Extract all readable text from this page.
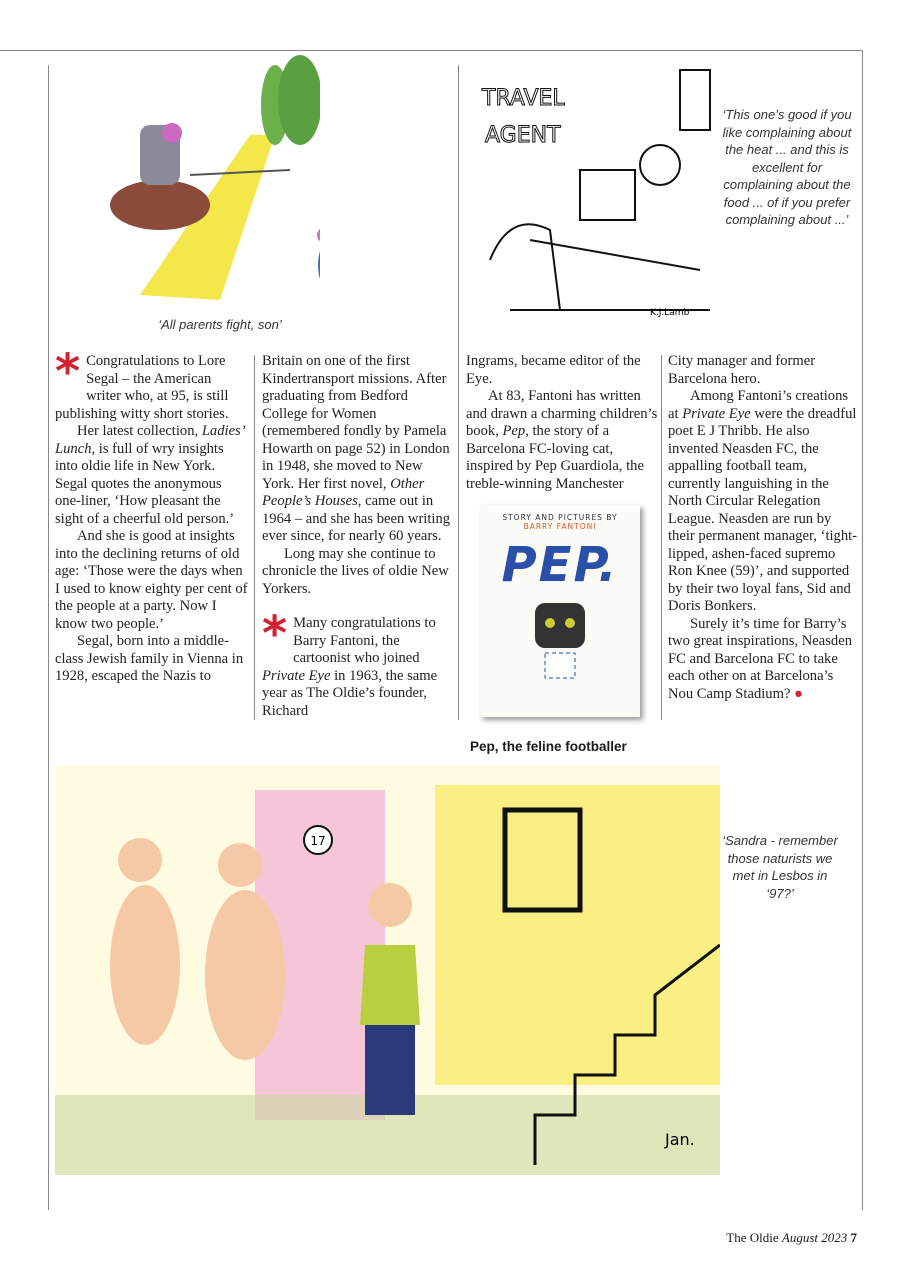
‘All parents fight, son’
TRAVEL
AGENT
K.J.Lamb
‘This one’s good if you like complaining about the heat ... and this is excellent for complaining about the food ... of if you prefer complaining about ...’

* Congratulations to Lore Segal – the American writer who, at 95, is still publishing witty short stories.

Her latest collection, Ladies’ Lunch, is full of wry insights into oldie life in New York. Segal quotes the anonymous one-liner, ‘How pleasant the sight of a cheerful old person.’

And she is good at insights into the declining returns of old age: ‘Those were the days when I used to know eighty per cent of the people at a party. Now I know two people.’

Segal, born into a middle-class Jewish family in Vienna in 1928, escaped the Nazis to

Britain on one of the first Kindertransport missions. After graduating from Bedford College for Women (remembered fondly by Pamela Howarth on page 52) in London in 1948, she moved to New York. Her first novel, Other People’s Houses, came out in 1964 – and she has been writing ever since, for nearly 60 years.

Long may she continue to chronicle the lives of oldie New Yorkers.

* Many congratulations to Barry Fantoni, the cartoonist who joined Private Eye in 1963, the same year as The Oldie’s founder, Richard

Ingrams, became editor of the Eye.

At 83, Fantoni has written and drawn a charming children’s book, Pep, the story of a Barcelona FC-loving cat, inspired by Pep Guardiola, the treble-winning Manchester

City manager and former Barcelona hero.

Among Fantoni’s creations at Private Eye were the dreadful poet E J Thribb. He also invented Neasden FC, the appalling football team, currently languishing in the North Circular Relegation League. Neasden are run by their permanent manager, ‘tight-lipped, ashen-faced supremo Ron Knee (59)’, and supported by their two loyal fans, Sid and Doris Bonkers.

Surely it’s time for Barry’s two great inspirations, Neasden FC and Barcelona FC to take each other on at Barcelona’s Nou Camp Stadium? ●

STORY AND PICTURES BY
BARRY FANTONI
PEP.
Pep, the feline footballer
17
Jan.
‘Sandra - remember those naturists we met in Lesbos in ‘97?’
The Oldie August 2023 7
